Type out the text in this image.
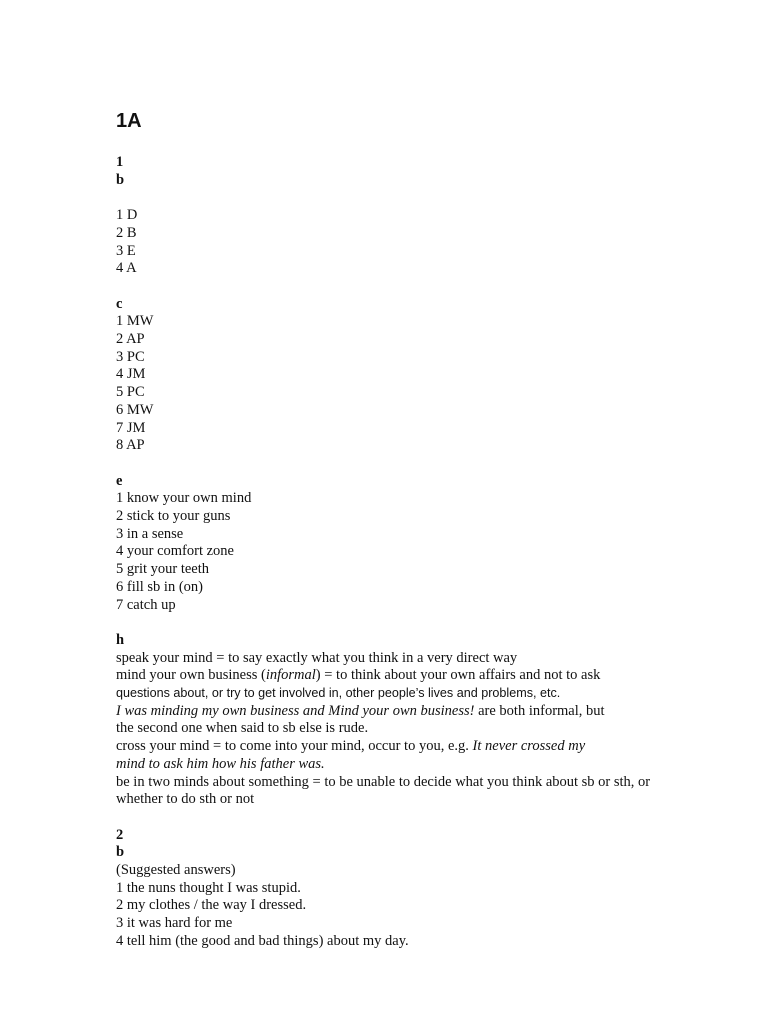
1A
1
b
1 D
2 B
3 E
4 A
c
1 MW
2 AP
3 PC
4 JM
5 PC
6 MW
7 JM
8 AP
e
1 know your own mind
2 stick to your guns
3 in a sense
4 your comfort zone
5 grit your teeth
6 fill sb in (on)
7 catch up
h
speak your mind = to say exactly what you think in a very direct way
mind your own business (informal) = to think about your own affairs and not to ask
questions about, or try to get involved in, other people’s lives and problems, etc.
I was minding my own business and Mind your own business! are both informal, but
the second one when said to sb else is rude.
cross your mind = to come into your mind, occur to you, e.g. It never crossed my
mind to ask him how his father was.
be in two minds about something = to be unable to decide what you think about sb or sth, or whether to do sth or not
2
b
(Suggested answers)
1 the nuns thought I was stupid.
2 my clothes / the way I dressed.
3 it was hard for me
4 tell him (the good and bad things) about my day.
